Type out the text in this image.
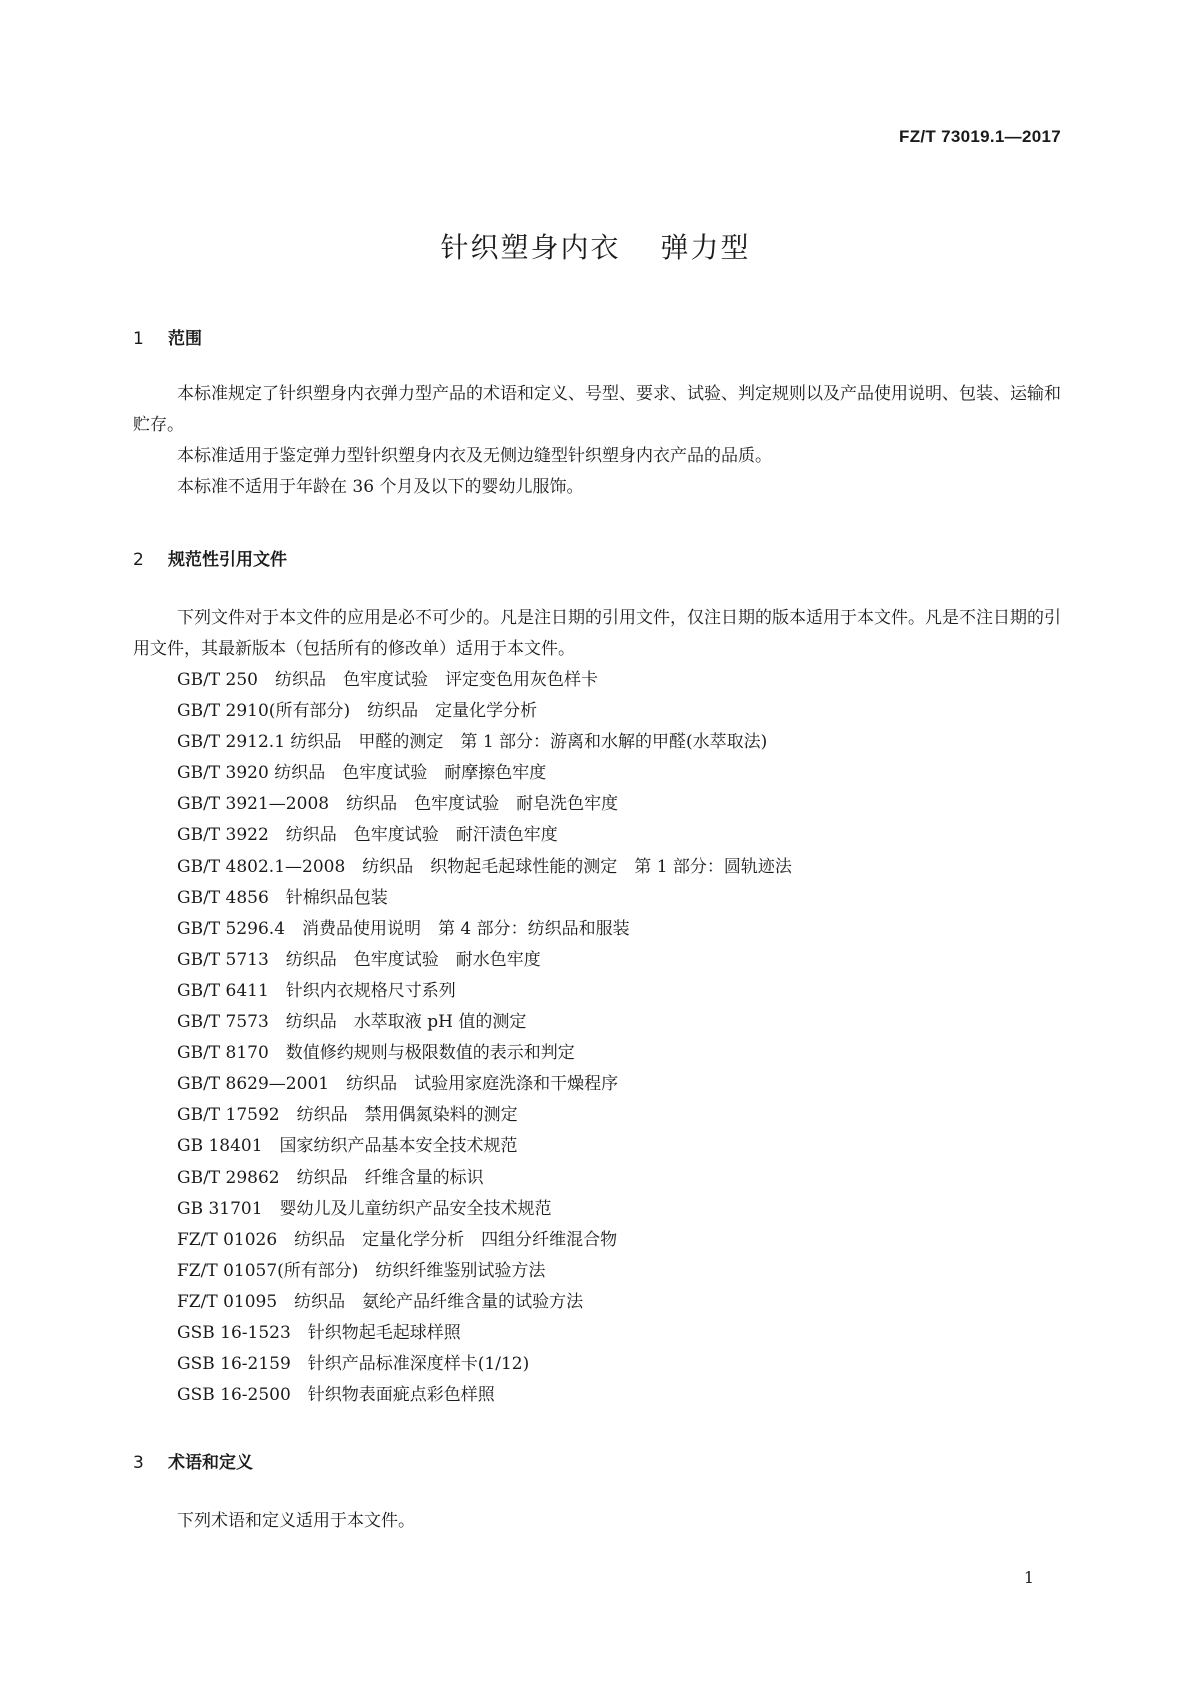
FZ/T 73019.1—2017
针织塑身内衣 弹力型
1 范围

本标准规定了针织塑身内衣弹力型产品的术语和定义、号型、要求、试验、判定规则以及产品使用说明、包装、运输和贮存。

本标准适用于鉴定弹力型针织塑身内衣及无侧边缝型针织塑身内衣产品的品质。

本标准不适用于年龄在 36 个月及以下的婴幼儿服饰。

2 规范性引用文件

下列文件对于本文件的应用是必不可少的。凡是注日期的引用文件，仅注日期的版本适用于本文件。凡是不注日期的引用文件，其最新版本（包括所有的修改单）适用于本文件。

GB/T 250　纺织品　色牢度试验　评定变色用灰色样卡
GB/T 2910(所有部分)　纺织品　定量化学分析
GB/T 2912.1 纺织品　甲醛的测定　第 1 部分：游离和水解的甲醛(水萃取法)
GB/T 3920 纺织品　色牢度试验　耐摩擦色牢度
GB/T 3921—2008　纺织品　色牢度试验　耐皂洗色牢度
GB/T 3922　纺织品　色牢度试验　耐汗渍色牢度
GB/T 4802.1—2008　纺织品　织物起毛起球性能的测定　第 1 部分：圆轨迹法
GB/T 4856　针棉织品包装
GB/T 5296.4　消费品使用说明　第 4 部分：纺织品和服装
GB/T 5713　纺织品　色牢度试验　耐水色牢度
GB/T 6411　针织内衣规格尺寸系列
GB/T 7573　纺织品　水萃取液 pH 值的测定
GB/T 8170　数值修约规则与极限数值的表示和判定
GB/T 8629—2001　纺织品　试验用家庭洗涤和干燥程序
GB/T 17592　纺织品　禁用偶氮染料的测定
GB 18401　国家纺织产品基本安全技术规范
GB/T 29862　纺织品　纤维含量的标识
GB 31701　婴幼儿及儿童纺织产品安全技术规范
FZ/T 01026　纺织品　定量化学分析　四组分纤维混合物
FZ/T 01057(所有部分)　纺织纤维鉴别试验方法
FZ/T 01095　纺织品　氨纶产品纤维含量的试验方法
GSB 16-1523　针织物起毛起球样照
GSB 16-2159　针织产品标准深度样卡(1/12)
GSB 16-2500　针织物表面疵点彩色样照
3 术语和定义

下列术语和定义适用于本文件。

1
